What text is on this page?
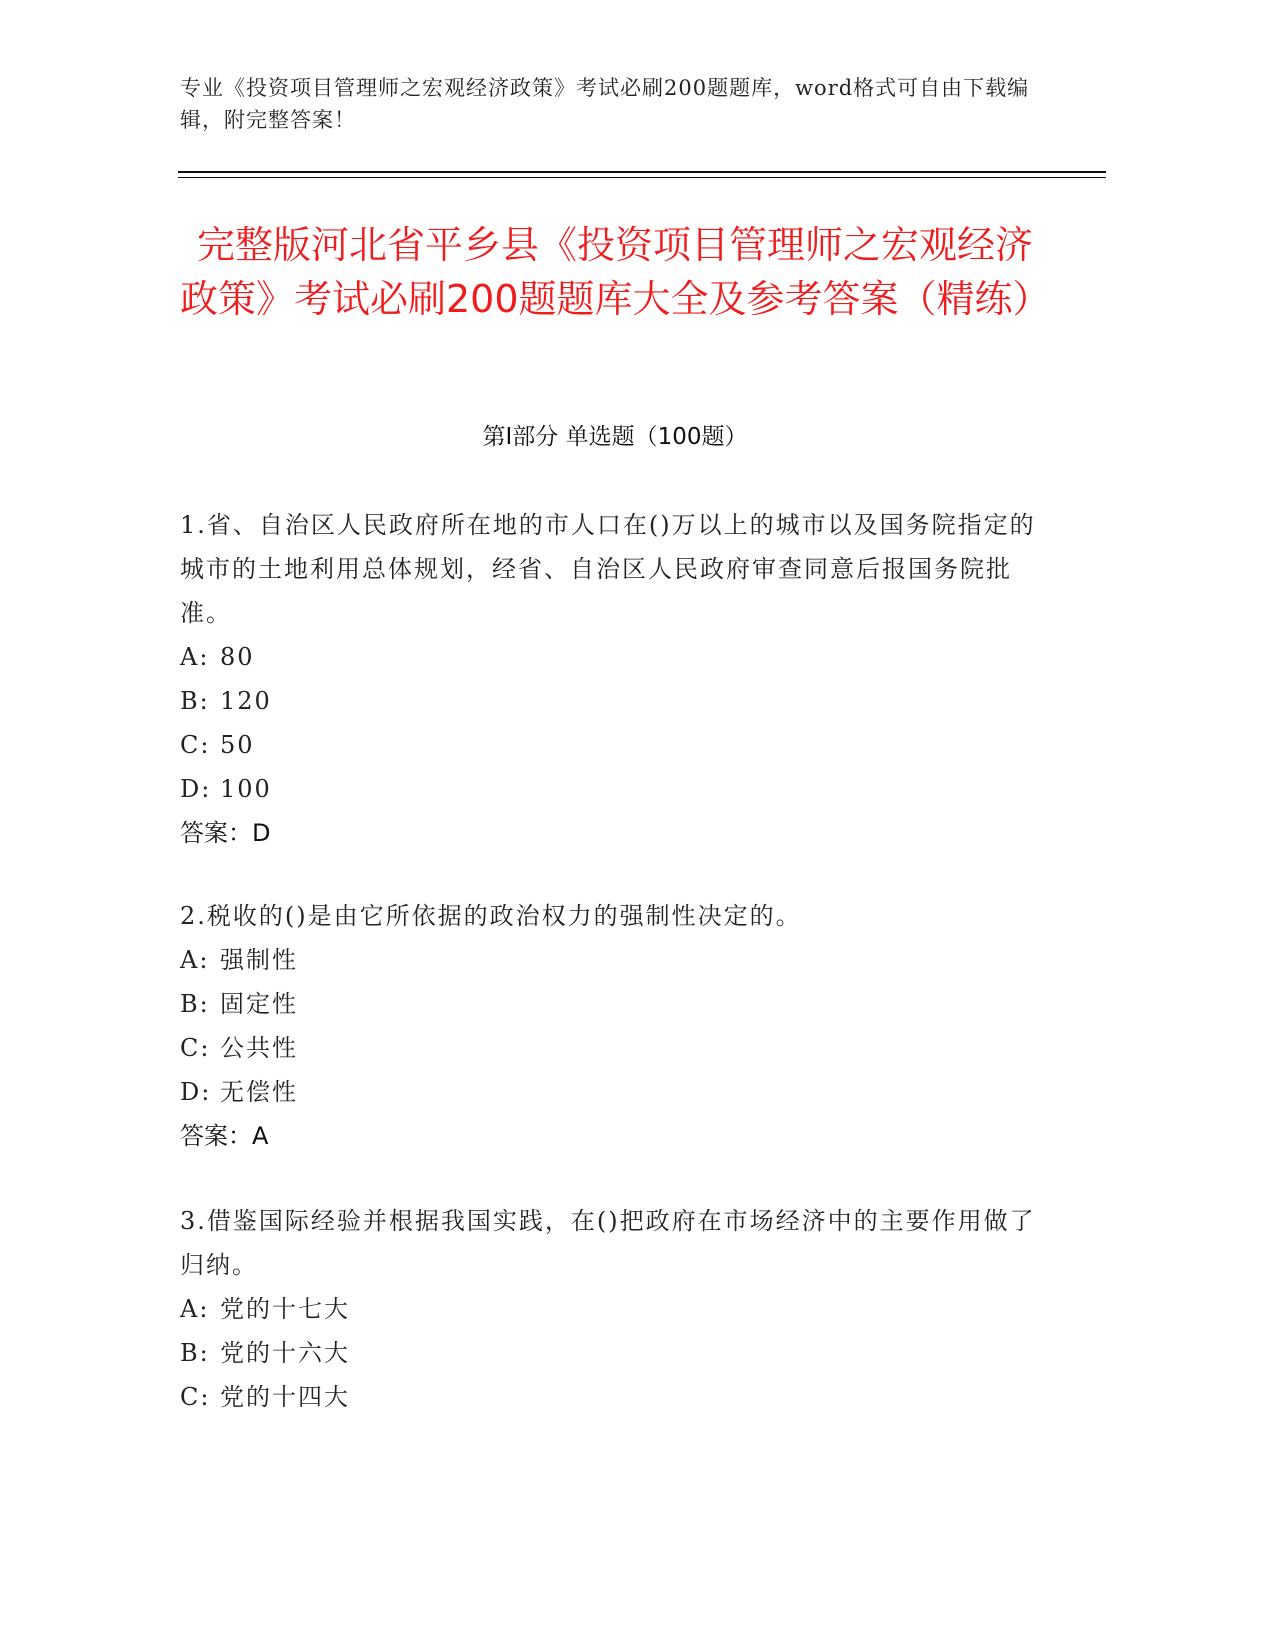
专业《投资项目管理师之宏观经济政策》考试必刷200题题库，word格式可自由下载编辑，附完整答案！
完整版河北省平乡县《投资项目管理师之宏观经济政策》考试必刷200题题库大全及参考答案（精练）
第Ⅰ部分 单选题（100题）

1.省、自治区人民政府所在地的市人口在()万以上的城市以及国务院指定的城市的土地利用总体规划，经省、自治区人民政府审查同意后报国务院批准。

A: 80
B: 120
C: 50
D: 100
答案：D

2.税收的()是由它所依据的政治权力的强制性决定的。

A: 强制性
B: 固定性
C: 公共性
D: 无偿性
答案：A

3.借鉴国际经验并根据我国实践，在()把政府在市场经济中的主要作用做了归纳。

A: 党的十七大
B: 党的十六大
C: 党的十四大
